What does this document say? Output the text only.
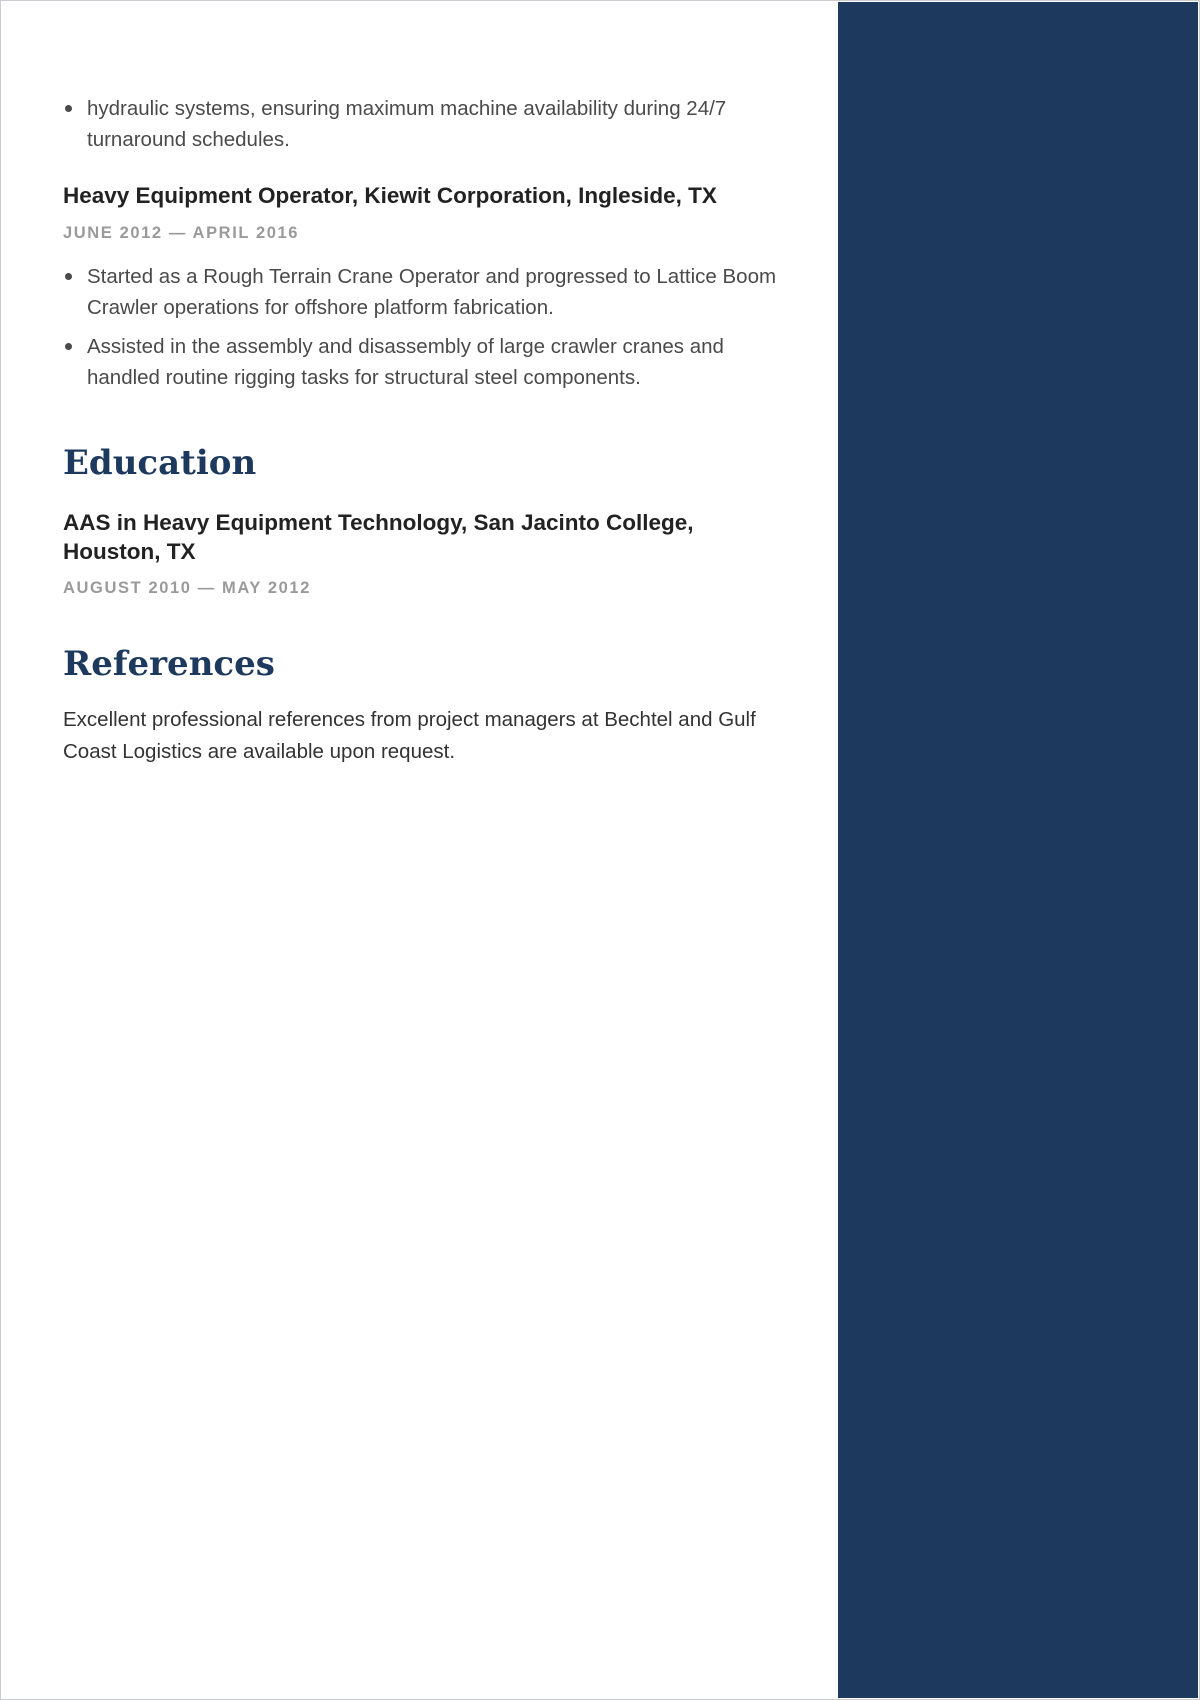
hydraulic systems, ensuring maximum machine availability during 24/7 turnaround schedules.
Heavy Equipment Operator, Kiewit Corporation, Ingleside, TX

JUNE 2012 — APRIL 2016

Started as a Rough Terrain Crane Operator and progressed to Lattice Boom Crawler operations for offshore platform fabrication.
Assisted in the assembly and disassembly of large crawler cranes and handled routine rigging tasks for structural steel components.
Education
AAS in Heavy Equipment Technology, San Jacinto College, Houston, TX

AUGUST 2010 — MAY 2012

References

Excellent professional references from project managers at Bechtel and Gulf Coast Logistics are available upon request.
